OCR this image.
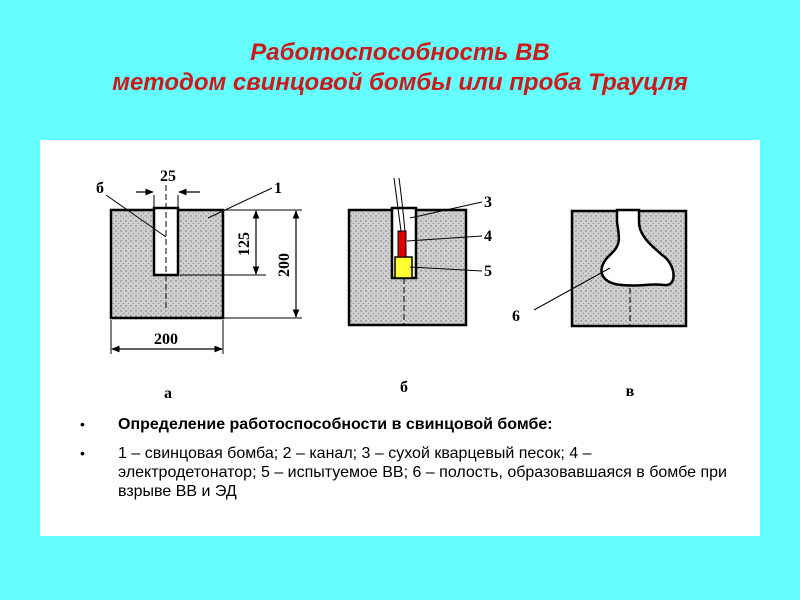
Работоспособность ВВ
методом свинцовой бомбы или проба Трауцля
25
б	1
125
200
200
а
3
4
5
б
6
в
•	Определение работоспособности в свинцовой бомбе:
•	1 – свинцовая бомба; 2 – канал; 3 – сухой кварцевый песок; 4 – электродетонатор; 5 – испытуемое ВВ; 6 – полость, образовавшаяся в бомбе при взрыве ВВ и ЭД
